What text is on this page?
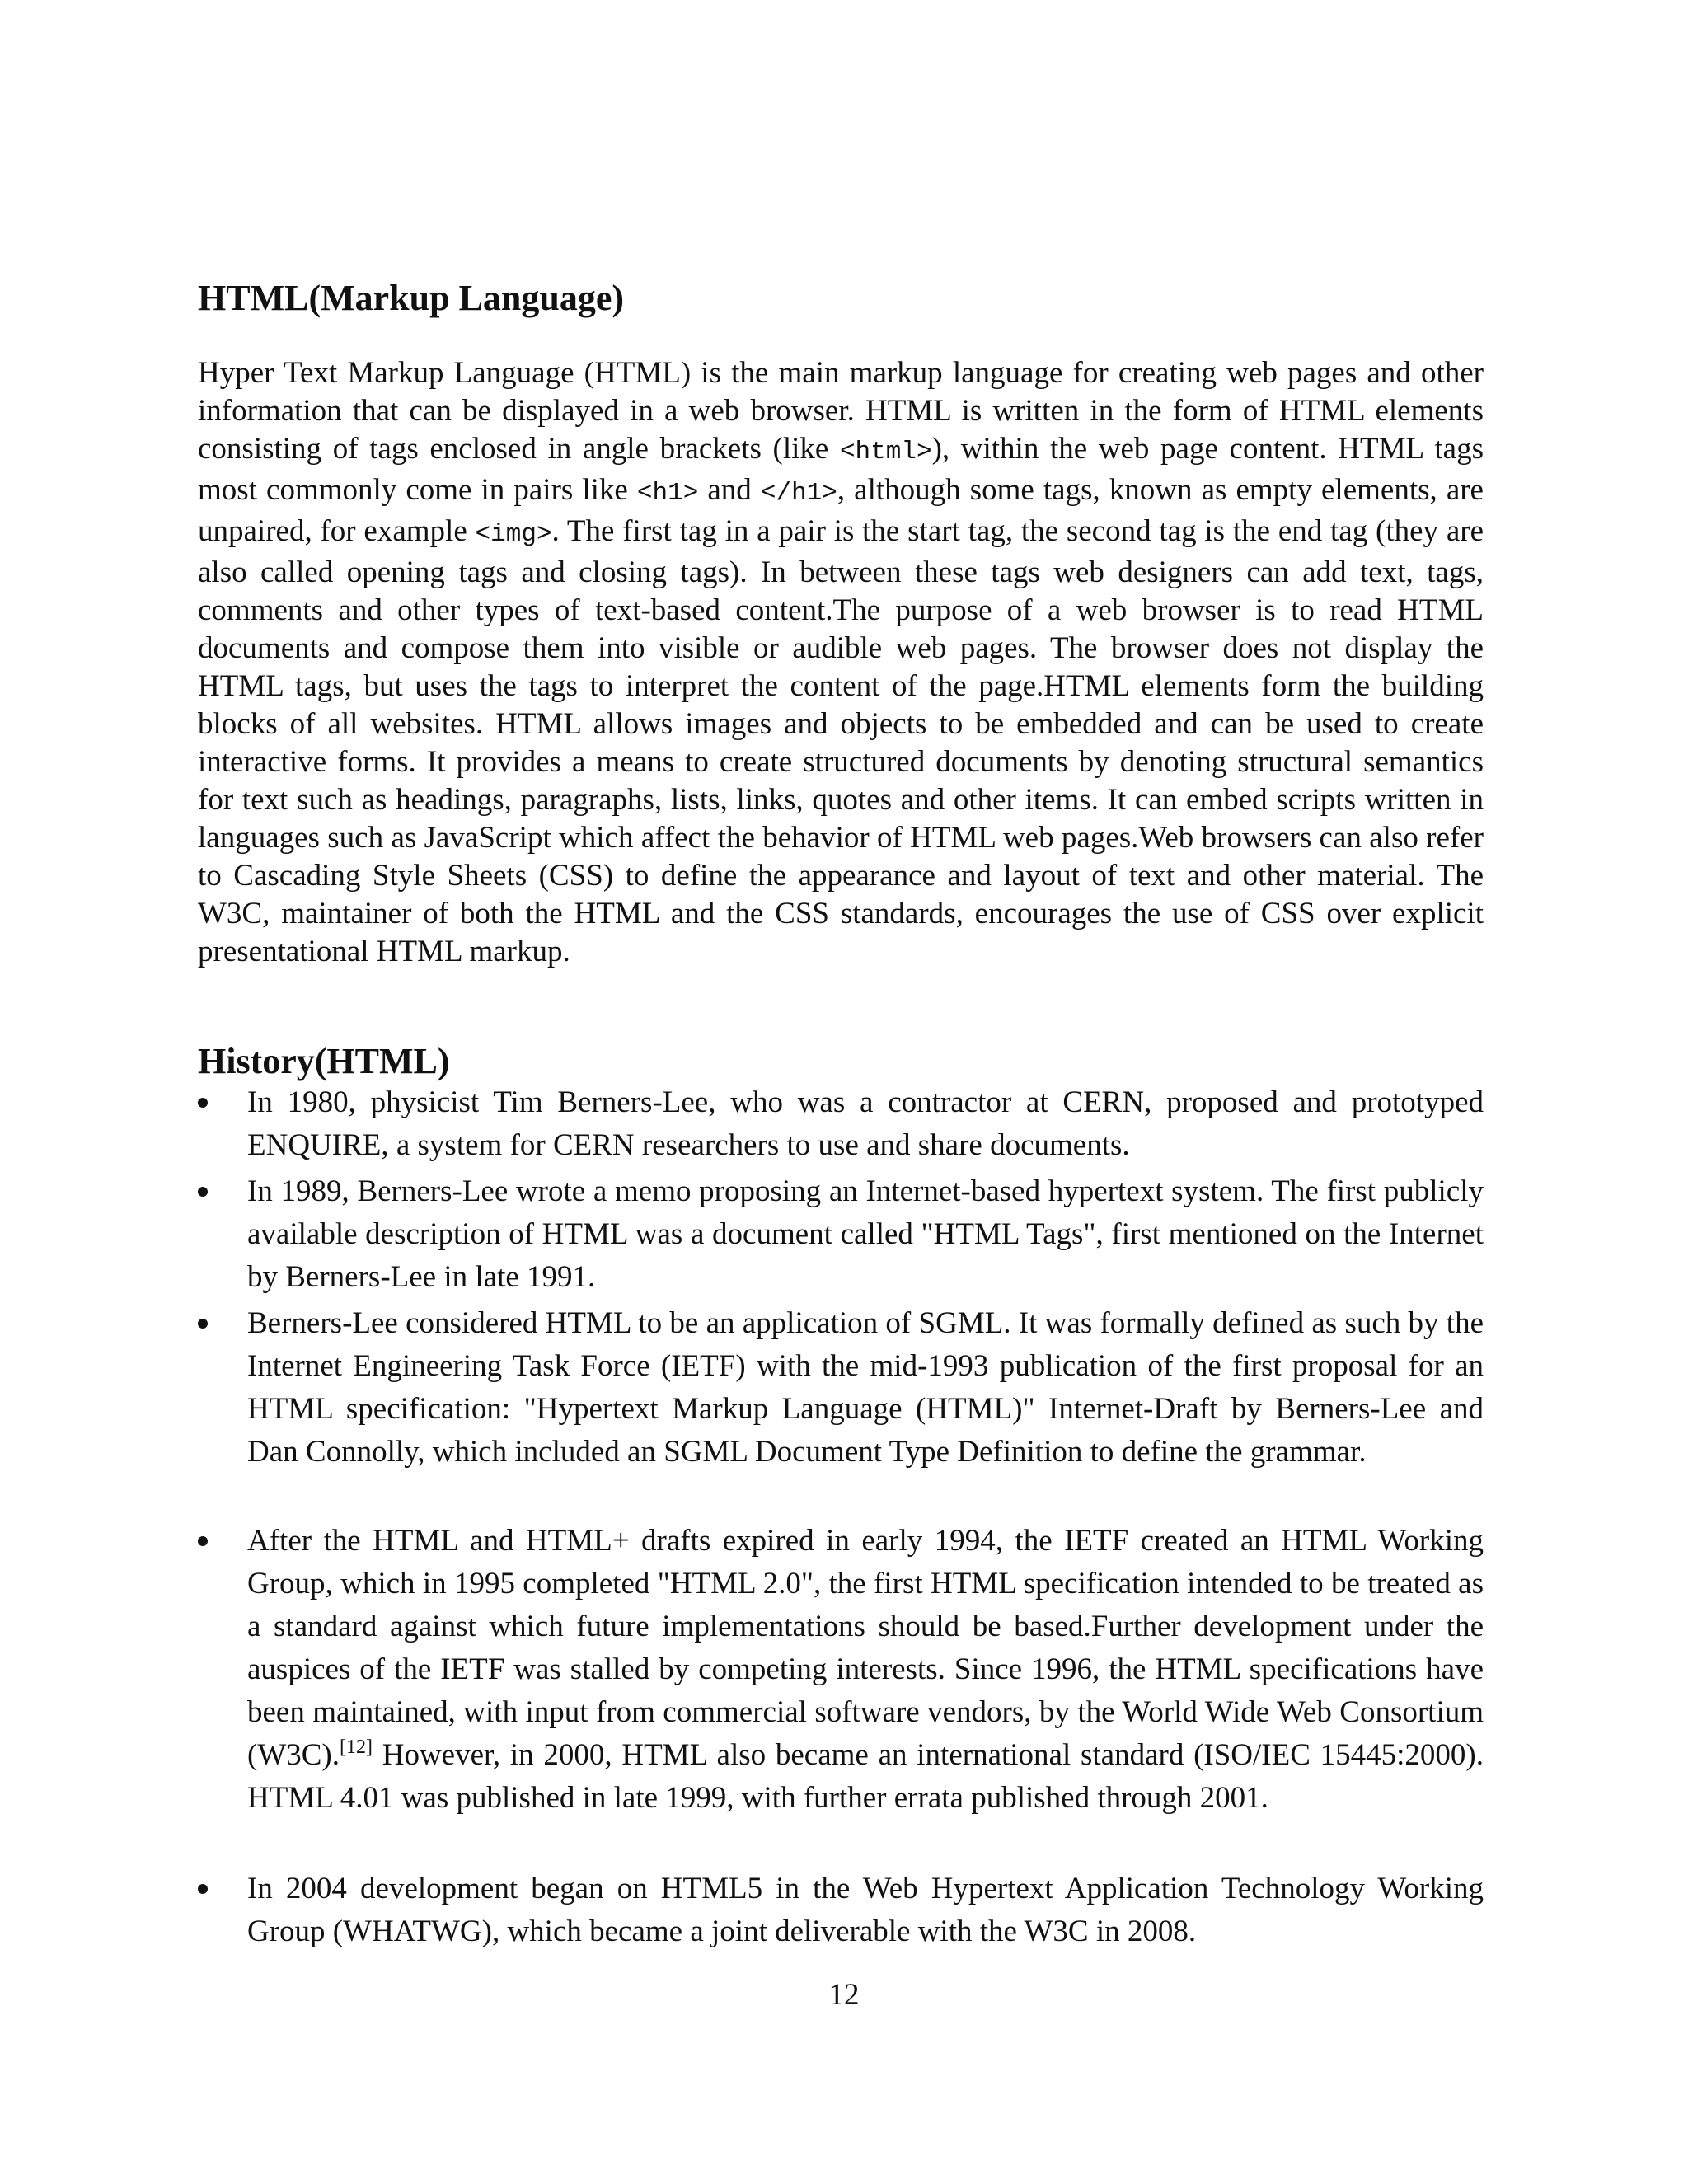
HTML(Markup Language)

Hyper Text Markup Language (HTML) is the main markup language for creating web pages and other information that can be displayed in a web browser. HTML is written in the form of HTML elements consisting of tags enclosed in angle brackets (like <html>), within the web page content. HTML tags most commonly come in pairs like <h1> and </h1>, although some tags, known as empty elements, are unpaired, for example <img>. The first tag in a pair is the start tag, the second tag is the end tag (they are also called opening tags and closing tags). In between these tags web designers can add text, tags, comments and other types of text-based content.The purpose of a web browser is to read HTML documents and compose them into visible or audible web pages. The browser does not display the HTML tags, but uses the tags to interpret the content of the page.HTML elements form the building blocks of all websites. HTML allows images and objects to be embedded and can be used to create interactive forms. It provides a means to create structured documents by denoting structural semantics for text such as headings, paragraphs, lists, links, quotes and other items. It can embed scripts written in languages such as JavaScript which affect the behavior of HTML web pages.Web browsers can also refer to Cascading Style Sheets (CSS) to define the appearance and layout of text and other material. The W3C, maintainer of both the HTML and the CSS standards, encourages the use of CSS over explicit presentational HTML markup.

History(HTML)
In 1980, physicist Tim Berners-Lee, who was a contractor at CERN, proposed and prototyped ENQUIRE, a system for CERN researchers to use and share documents.
In 1989, Berners-Lee wrote a memo proposing an Internet-based hypertext system. The first publicly available description of HTML was a document called "HTML Tags", first mentioned on the Internet by Berners-Lee in late 1991.
Berners-Lee considered HTML to be an application of SGML. It was formally defined as such by the Internet Engineering Task Force (IETF) with the mid-1993 publication of the first proposal for an HTML specification: "Hypertext Markup Language (HTML)" Internet-Draft by Berners-Lee and Dan Connolly, which included an SGML Document Type Definition to define the grammar.
After the HTML and HTML+ drafts expired in early 1994, the IETF created an HTML Working Group, which in 1995 completed "HTML 2.0", the first HTML specification intended to be treated as a standard against which future implementations should be based.Further development under the auspices of the IETF was stalled by competing interests. Since 1996, the HTML specifications have been maintained, with input from commercial software vendors, by the World Wide Web Consortium (W3C).[12] However, in 2000, HTML also became an international standard (ISO/IEC 15445:2000). HTML 4.01 was published in late 1999, with further errata published through 2001.
In 2004 development began on HTML5 in the Web Hypertext Application Technology Working Group (WHATWG), which became a joint deliverable with the W3C in 2008.
12
